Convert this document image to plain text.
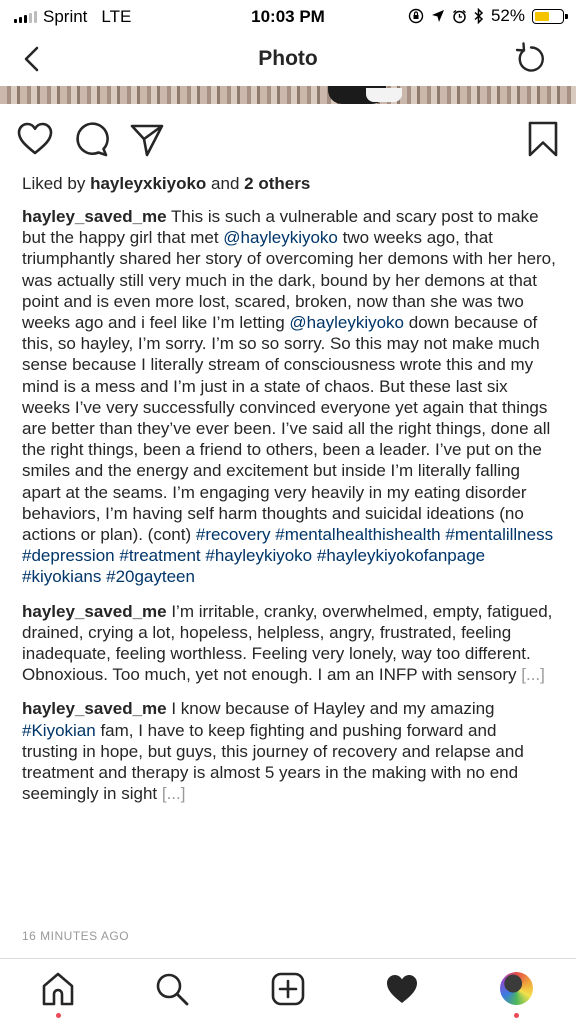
Sprint LTE	10:03 PM	52%
Photo
Liked by hayleyxkiyoko and 2 others
hayley_saved_me This is such a vulnerable and scary post to make but the happy girl that met @hayleykiyoko two weeks ago, that triumphantly shared her story of overcoming her demons with her hero, was actually still very much in the dark, bound by her demons at that point and is even more lost, scared, broken, now than she was two weeks ago and i feel like I’m letting @hayleykiyoko down because of this, so hayley, I’m sorry. I’m so so sorry. So this may not make much sense because I literally stream of consciousness wrote this and my mind is a mess and I’m just in a state of chaos. But these last six weeks I’ve very successfully convinced everyone yet again that things are better than they’ve ever been. I’ve said all the right things, done all the right things, been a friend to others, been a leader. I’ve put on the smiles and the energy and excitement but inside I’m literally falling apart at the seams. I’m engaging very heavily in my eating disorder behaviors, I’m having self harm thoughts and suicidal ideations (no actions or plan). (cont) #recovery #mentalhealthishealth #mentalillness #depression #treatment #hayleykiyoko #hayleykiyokofanpage #kiyokians #20gayteen
hayley_saved_me I’m irritable, cranky, overwhelmed, empty, fatigued, drained, crying a lot, hopeless, helpless, angry, frustrated, feeling inadequate, feeling worthless. Feeling very lonely, way too different. Obnoxious. Too much, yet not enough. I am an INFP with sensory [...]
hayley_saved_me I know because of Hayley and my amazing #Kiyokian fam, I have to keep fighting and pushing forward and trusting in hope, but guys, this journey of recovery and relapse and treatment and therapy is almost 5 years in the making with no end seemingly in sight [...]
16 MINUTES AGO
